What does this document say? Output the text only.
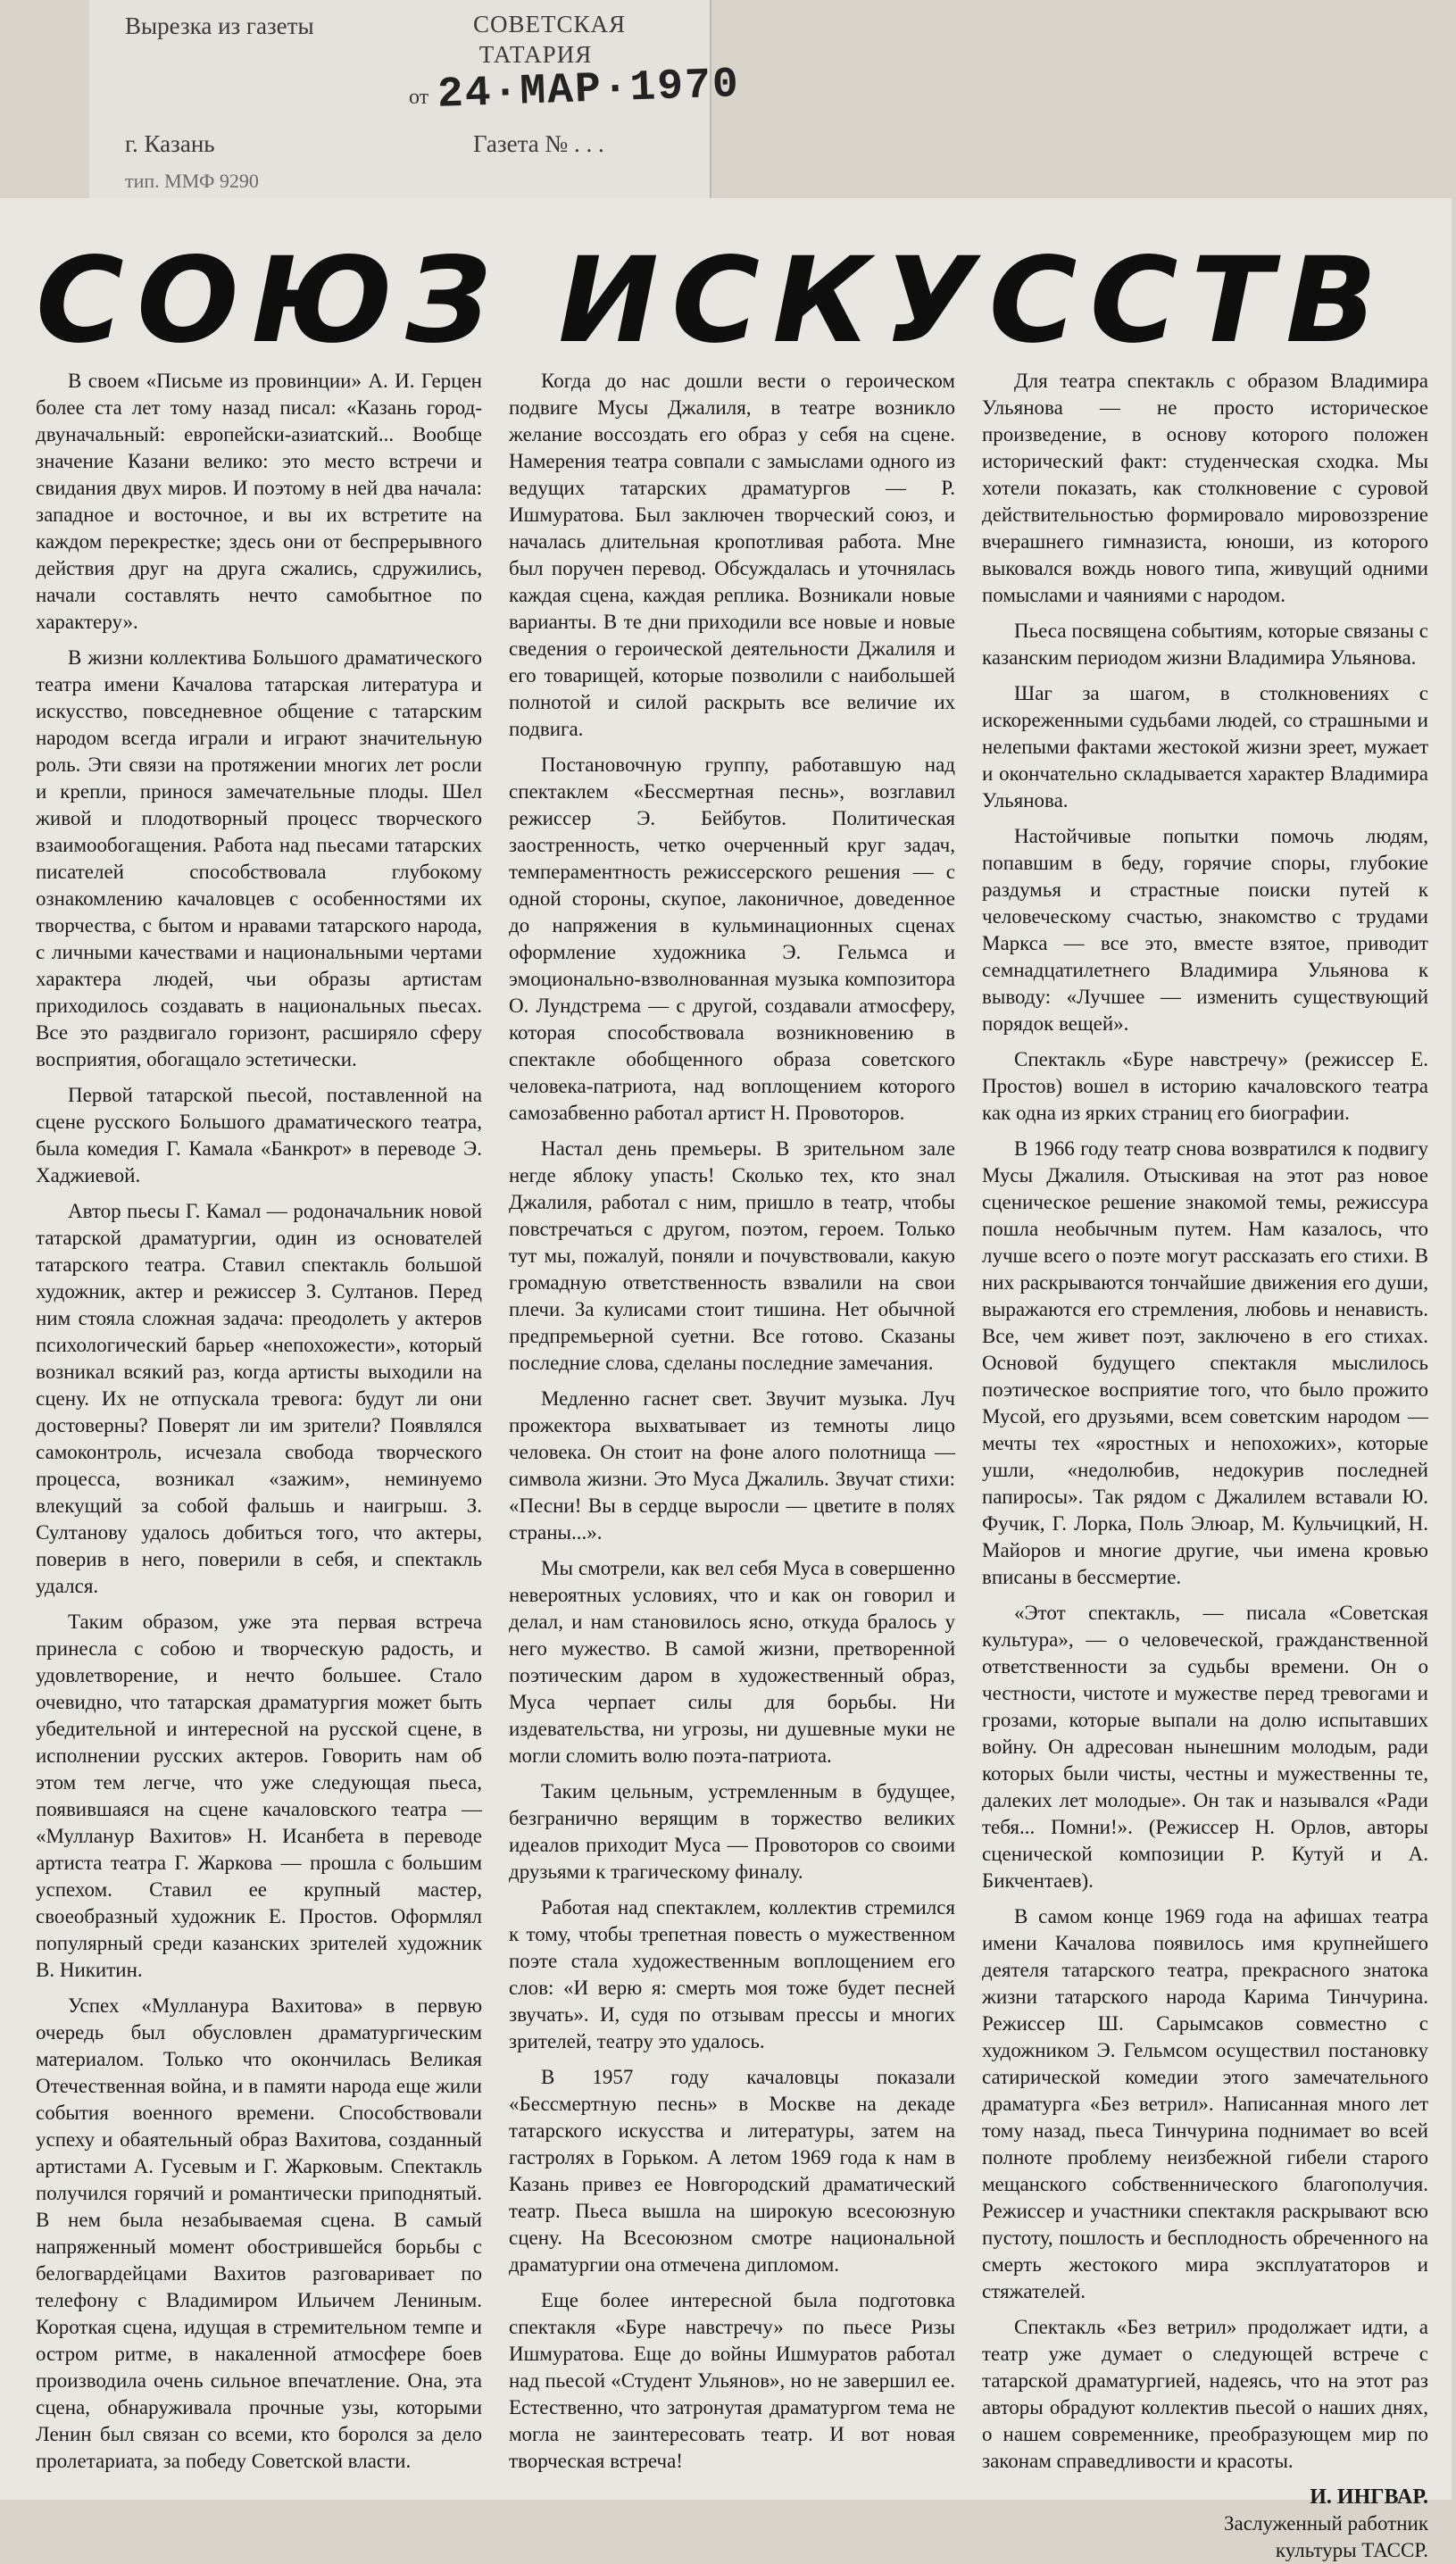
Вырезка из газеты	СОВЕТСКАЯ ТАТАРИЯ
от 24·МАР·1970
г. Казань	Газета № . . .
тип. ММФ 9290
СОЮЗ ИСКУССТВ

В своем «Письме из провинции» А. И. Герцен более ста лет тому назад писал: «Казань город-двуначальный: европейски-азиатский... Вообще значение Казани велико: это место встречи и свидания двух миров. И поэтому в ней два начала: западное и восточное, и вы их встретите на каждом перекрестке; здесь они от беспрерывного действия друг на друга сжались, сдружились, начали составлять нечто самобытное по характеру».

В жизни коллектива Большого драматического театра имени Качалова татарская литература и искусство, повседневное общение с татарским народом всегда играли и играют значительную роль. Эти связи на протяжении многих лет росли и крепли, принося замечательные плоды. Шел живой и плодотворный процесс творческого взаимообогащения. Работа над пьесами татарских писателей способствовала глубокому ознакомлению качаловцев с особенностями их творчества, с бытом и нравами татарского народа, с личными качествами и национальными чертами характера людей, чьи образы артистам приходилось создавать в национальных пьесах. Все это раздвигало горизонт, расширяло сферу восприятия, обогащало эстетически.

Первой татарской пьесой, поставленной на сцене русского Большого драматического театра, была комедия Г. Камала «Банкрот» в переводе Э. Хаджиевой.

Автор пьесы Г. Камал — родоначальник новой татарской драматургии, один из основателей татарского театра. Ставил спектакль большой художник, актер и режиссер З. Султанов. Перед ним стояла сложная задача: преодолеть у актеров психологический барьер «непохожести», который возникал всякий раз, когда артисты выходили на сцену. Их не отпускала тревога: будут ли они достоверны? Поверят ли им зрители? Появлялся самоконтроль, исчезала свобода творческого процесса, возникал «зажим», неминуемо влекущий за собой фальшь и наигрыш. З. Султанову удалось добиться того, что актеры, поверив в него, поверили в себя, и спектакль удался.

Таким образом, уже эта первая встреча принесла с собою и творческую радость, и удовлетворение, и нечто большее. Стало очевидно, что татарская драматургия может быть убедительной и интересной на русской сцене, в исполнении русских актеров. Говорить нам об этом тем легче, что уже следующая пьеса, появившаяся на сцене качаловского театра — «Мулланур Вахитов» Н. Исанбета в переводе артиста театра Г. Жаркова — прошла с большим успехом. Ставил ее крупный мастер, своеобразный художник Е. Простов. Оформлял популярный среди казанских зрителей художник В. Никитин.

Успех «Мулланура Вахитова» в первую очередь был обусловлен драматургическим материалом. Только что окончилась Великая Отечественная война, и в памяти народа еще жили события военного времени. Способствовали успеху и обаятельный образ Вахитова, созданный артистами А. Гусевым и Г. Жарковым. Спектакль получился горячий и романтически приподнятый. В нем была незабываемая сцена. В самый напряженный момент обострившейся борьбы с белогвардейцами Вахитов разговаривает по телефону с Владимиром Ильичем Лениным. Короткая сцена, идущая в стремительном темпе и остром ритме, в накаленной атмосфере боев производила очень сильное впечатление. Она, эта сцена, обнаруживала прочные узы, которыми Ленин был связан со всеми, кто боролся за дело пролетариата, за победу Советской власти.

Когда до нас дошли вести о героическом подвиге Мусы Джалиля, в театре возникло желание воссоздать его образ у себя на сцене. Намерения театра совпали с замыслами одного из ведущих татарских драматургов — Р. Ишмуратова. Был заключен творческий союз, и началась длительная кропотливая работа. Мне был поручен перевод. Обсуждалась и уточнялась каждая сцена, каждая реплика. Возникали новые варианты. В те дни приходили все новые и новые сведения о героической деятельности Джалиля и его товарищей, которые позволили с наибольшей полнотой и силой раскрыть все величие их подвига.

Постановочную группу, работавшую над спектаклем «Бессмертная песнь», возглавил режиссер Э. Бейбутов. Политическая заостренность, четко очерченный круг задач, темпераментность режиссерского решения — с одной стороны, скупое, лаконичное, доведенное до напряжения в кульминационных сценах оформление художника Э. Гельмса и эмоционально-взволнованная музыка композитора О. Лундстрема — с другой, создавали атмосферу, которая способствовала возникновению в спектакле обобщенного образа советского человека-патриота, над воплощением которого самозабвенно работал артист Н. Провоторов.

Настал день премьеры. В зрительном зале негде яблоку упасть! Сколько тех, кто знал Джалиля, работал с ним, пришло в театр, чтобы повстречаться с другом, поэтом, героем. Только тут мы, пожалуй, поняли и почувствовали, какую громадную ответственность взвалили на свои плечи. За кулисами стоит тишина. Нет обычной предпремьерной суетни. Все готово. Сказаны последние слова, сделаны последние замечания.

Медленно гаснет свет. Звучит музыка. Луч прожектора выхватывает из темноты лицо человека. Он стоит на фоне алого полотнища — символа жизни. Это Муса Джалиль. Звучат стихи: «Песни! Вы в сердце выросли — цветите в полях страны...».

Мы смотрели, как вел себя Муса в совершенно невероятных условиях, что и как он говорил и делал, и нам становилось ясно, откуда бралось у него мужество. В самой жизни, претворенной поэтическим даром в художественный образ, Муса черпает силы для борьбы. Ни издевательства, ни угрозы, ни душевные муки не могли сломить волю поэта-патриота.

Таким цельным, устремленным в будущее, безгранично верящим в торжество великих идеалов приходит Муса — Провоторов со своими друзьями к трагическому финалу.

Работая над спектаклем, коллектив стремился к тому, чтобы трепетная повесть о мужественном поэте стала художественным воплощением его слов: «И верю я: смерть моя тоже будет песней звучать». И, судя по отзывам прессы и многих зрителей, театру это удалось.

В 1957 году качаловцы показали «Бессмертную песнь» в Москве на декаде татарского искусства и литературы, затем на гастролях в Горьком. А летом 1969 года к нам в Казань привез ее Новгородский драматический театр. Пьеса вышла на широкую всесоюзную сцену. На Всесоюзном смотре национальной драматургии она отмечена дипломом.

Еще более интересной была подготовка спектакля «Буре навстречу» по пьесе Ризы Ишмуратова. Еще до войны Ишмуратов работал над пьесой «Студент Ульянов», но не завершил ее. Естественно, что затронутая драматургом тема не могла не заинтересовать театр. И вот новая творческая встреча!

Для театра спектакль с образом Владимира Ульянова — не просто историческое произведение, в основу которого положен исторический факт: студенческая сходка. Мы хотели показать, как столкновение с суровой действительностью формировало мировоззрение вчерашнего гимназиста, юноши, из которого выковался вождь нового типа, живущий одними помыслами и чаяниями с народом.

Пьеса посвящена событиям, которые связаны с казанским периодом жизни Владимира Ульянова.

Шаг за шагом, в столкновениях с искореженными судьбами людей, со страшными и нелепыми фактами жестокой жизни зреет, мужает и окончательно складывается характер Владимира Ульянова.

Настойчивые попытки помочь людям, попавшим в беду, горячие споры, глубокие раздумья и страстные поиски путей к человеческому счастью, знакомство с трудами Маркса — все это, вместе взятое, приводит семнадцатилетнего Владимира Ульянова к выводу: «Лучшее — изменить существующий порядок вещей».

Спектакль «Буре навстречу» (режиссер Е. Простов) вошел в историю качаловского театра как одна из ярких страниц его биографии.

В 1966 году театр снова возвратился к подвигу Мусы Джалиля. Отыскивая на этот раз новое сценическое решение знакомой темы, режиссура пошла необычным путем. Нам казалось, что лучше всего о поэте могут рассказать его стихи. В них раскрываются тончайшие движения его души, выражаются его стремления, любовь и ненависть. Все, чем живет поэт, заключено в его стихах. Основой будущего спектакля мыслилось поэтическое восприятие того, что было прожито Мусой, его друзьями, всем советским народом — мечты тех «яростных и непохожих», которые ушли, «недолюбив, недокурив последней папиросы». Так рядом с Джалилем вставали Ю. Фучик, Г. Лорка, Поль Элюар, М. Кульчицкий, Н. Майоров и многие другие, чьи имена кровью вписаны в бессмертие.

«Этот спектакль, — писала «Советская культура», — о человеческой, гражданственной ответственности за судьбы времени. Он о честности, чистоте и мужестве перед тревогами и грозами, которые выпали на долю испытавших войну. Он адресован нынешним молодым, ради которых были чисты, честны и мужественны те, далеких лет молодые». Он так и назывался «Ради тебя... Помни!». (Режиссер Н. Орлов, авторы сценической композиции Р. Кутуй и А. Бикчентаев).

В самом конце 1969 года на афишах театра имени Качалова появилось имя крупнейшего деятеля татарского театра, прекрасного знатока жизни татарского народа Карима Тинчурина. Режиссер Ш. Сарымсаков совместно с художником Э. Гельмсом осуществил постановку сатирической комедии этого замечательного драматурга «Без ветрил». Написанная много лет тому назад, пьеса Тинчурина поднимает во всей полноте проблему неизбежной гибели старого мещанского собственнического благополучия. Режиссер и участники спектакля раскрывают всю пустоту, пошлость и бесплодность обреченного на смерть жестокого мира эксплуататоров и стяжателей.

Спектакль «Без ветрил» продолжает идти, а театр уже думает о следующей встрече с татарской драматургией, надеясь, что на этот раз авторы обрадуют коллектив пьесой о наших днях, о нашем современнике, преобразующем мир по законам справедливости и красоты.

И. ИНГВАР.
Заслуженный работник
культуры ТАССР.
